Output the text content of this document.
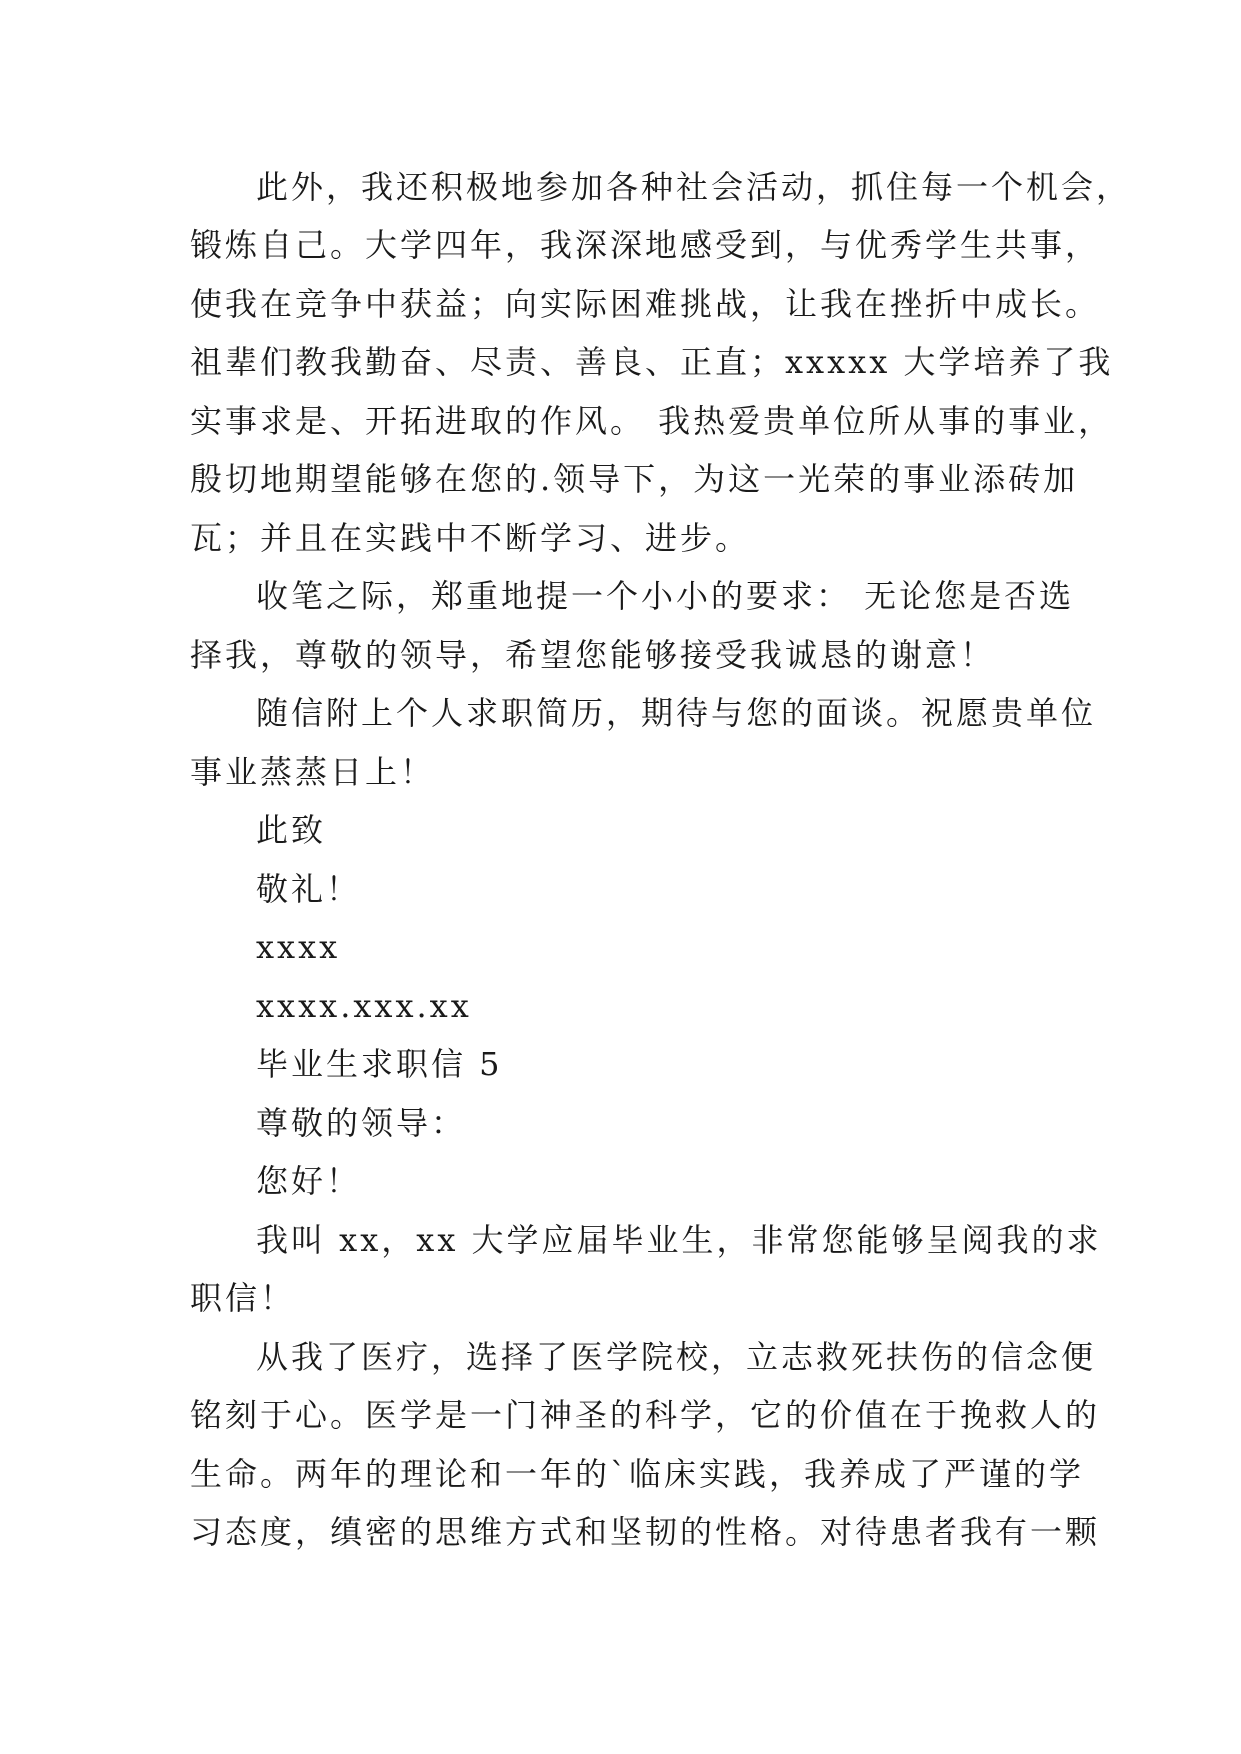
此外，我还积极地参加各种社会活动，抓住每一个机会，
锻炼自己。大学四年，我深深地感受到，与优秀学生共事，
使我在竞争中获益；向实际困难挑战，让我在挫折中成长。
祖辈们教我勤奋、尽责、善良、正直；xxxxx 大学培养了我
实事求是、开拓进取的作风。 我热爱贵单位所从事的事业，
殷切地期望能够在您的.领导下，为这一光荣的事业添砖加
瓦；并且在实践中不断学习、进步。
收笔之际，郑重地提一个小小的要求： 无论您是否选
择我，尊敬的领导，希望您能够接受我诚恳的谢意！
随信附上个人求职简历，期待与您的面谈。祝愿贵单位
事业蒸蒸日上！
此致
敬礼！
xxxx
xxxx.xxx.xx
毕业生求职信 5
尊敬的领导：
您好！
我叫 xx，xx 大学应届毕业生，非常您能够呈阅我的求
职信！
从我了医疗，选择了医学院校，立志救死扶伤的信念便
铭刻于心。医学是一门神圣的科学，它的价值在于挽救人的
生命。两年的理论和一年的`临床实践，我养成了严谨的学
习态度，缜密的思维方式和坚韧的性格。对待患者我有一颗
